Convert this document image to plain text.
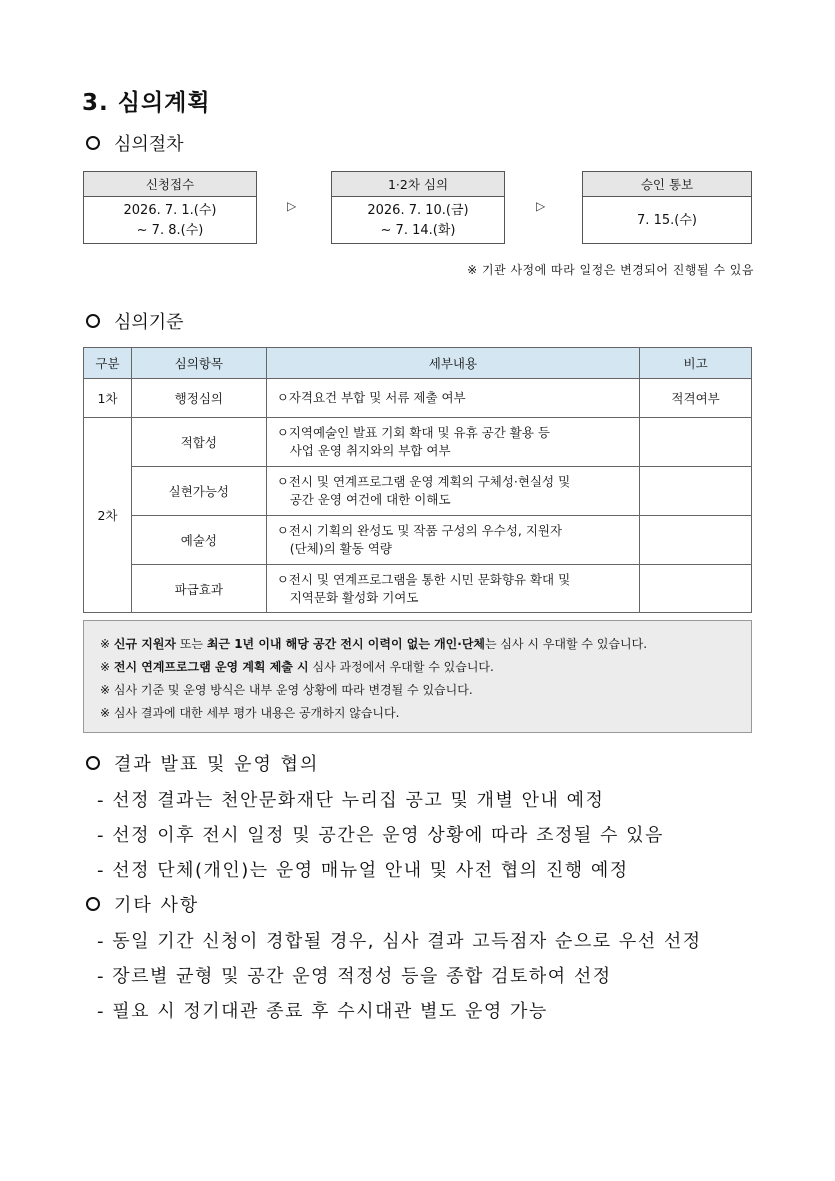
3. 심의계획
심의절차
신청접수
2026. 7. 1.(수)
~ 7. 8.(수)
▷
1·2차 심의
2026. 7. 10.(금)
~ 7. 14.(화)
▷
승인 통보
7. 15.(수)
※ 기관 사정에 따라 일정은 변경되어 진행될 수 있음
심의기준
구분	심의항목	세부내용	비고
1차	행정심의	ㅇ자격요건 부합 및 서류 제출 여부	적격여부
2차	적합성	ㅇ지역예술인 발표 기회 확대 및 유휴 공간 활용 등
사업 운영 취지와의 부합 여부	

	실현가능성	ㅇ전시 및 연계프로그램 운영 계획의 구체성·현실성 및
공간 운영 여건에 대한 이해도	

	예술성	ㅇ전시 기획의 완성도 및 작품 구성의 우수성, 지원자
(단체)의 활동 역량	

	파급효과	ㅇ전시 및 연계프로그램을 통한 시민 문화향유 확대 및
지역문화 활성화 기여도	

※ 신규 지원자 또는 최근 1년 이내 해당 공간 전시 이력이 없는 개인·단체는 심사 시 우대할 수 있습니다.
※ 전시 연계프로그램 운영 계획 제출 시 심사 과정에서 우대할 수 있습니다.
※ 심사 기준 및 운영 방식은 내부 운영 상황에 따라 변경될 수 있습니다.
※ 심사 결과에 대한 세부 평가 내용은 공개하지 않습니다.
결과 발표 및 운영 협의
- 선정 결과는 천안문화재단 누리집 공고 및 개별 안내 예정
- 선정 이후 전시 일정 및 공간은 운영 상황에 따라 조정될 수 있음
- 선정 단체(개인)는 운영 매뉴얼 안내 및 사전 협의 진행 예정
기타 사항
- 동일 기간 신청이 경합될 경우, 심사 결과 고득점자 순으로 우선 선정
- 장르별 균형 및 공간 운영 적정성 등을 종합 검토하여 선정
- 필요 시 정기대관 종료 후 수시대관 별도 운영 가능
